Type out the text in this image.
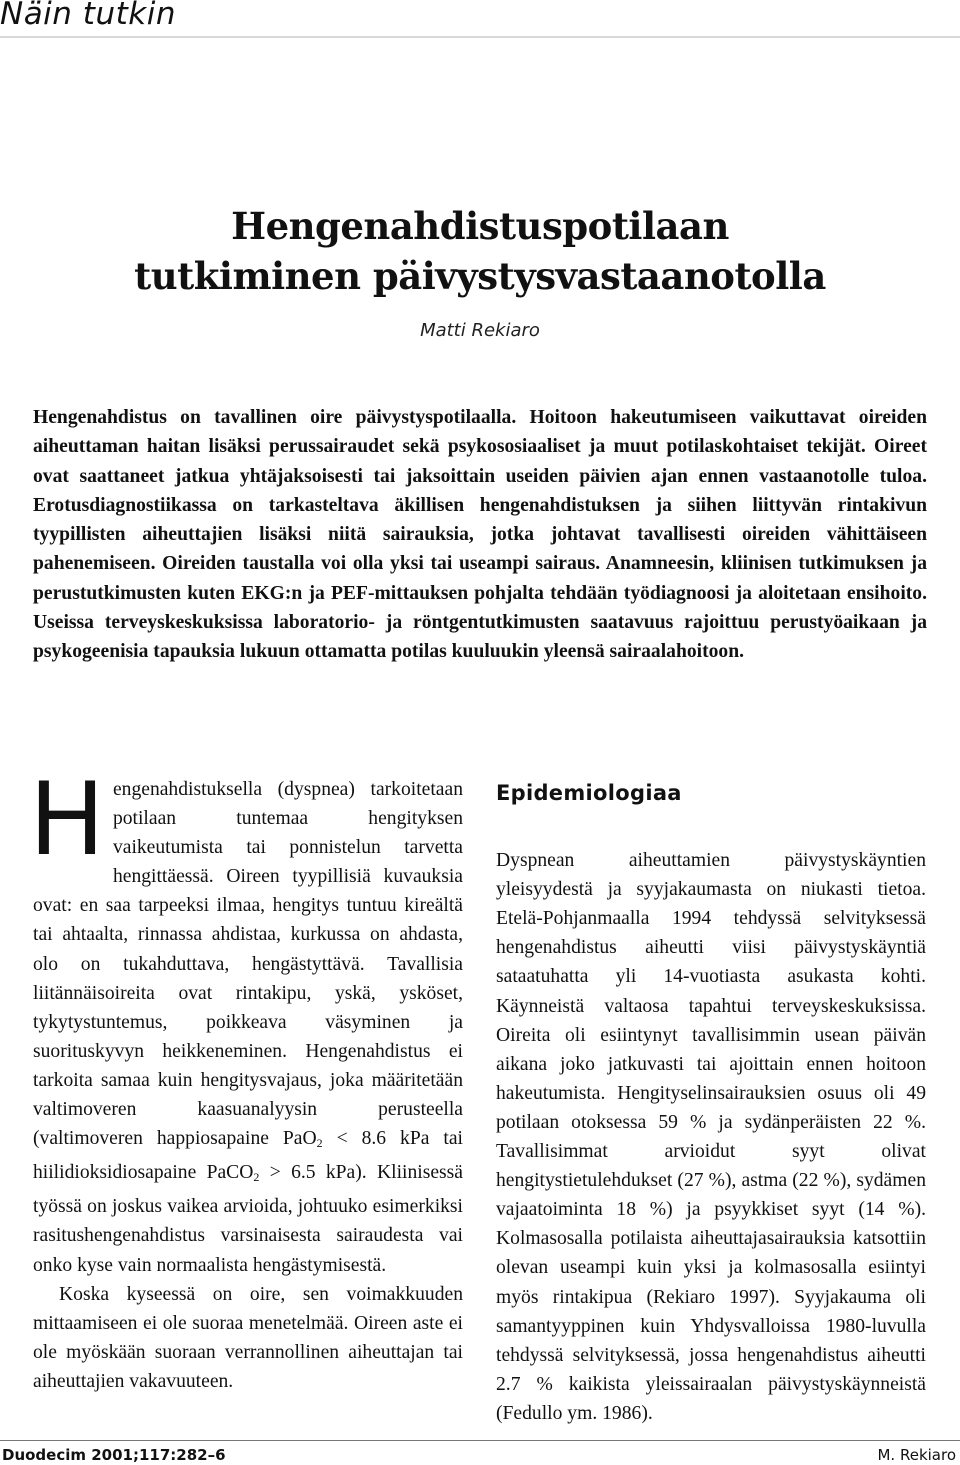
Näin tutkin
Hengenahdistuspotilaan
tutkiminen päivystysvastaanotolla
Matti Rekiaro
Hengenahdistus on tavallinen oire päivystyspotilaalla. Hoitoon hakeutumiseen vaikuttavat oireiden aiheuttaman haitan lisäksi perussairaudet sekä psykososiaaliset ja muut potilaskohtaiset tekijät. Oireet ovat saattaneet jatkua yhtäjaksoisesti tai jaksoittain useiden päivien ajan ennen vastaanotolle tuloa. Erotusdiagnostiikassa on tarkasteltava äkillisen hengenahdistuksen ja siihen liittyvän rintakivun tyypillisten aiheuttajien lisäksi niitä sairauksia, jotka johtavat tavallisesti oireiden vähittäiseen pahenemiseen. Oireiden taustalla voi olla yksi tai useampi sairaus. Anamneesin, kliinisen tutkimuksen ja perustutkimusten kuten EKG:n ja PEF-mittauksen pohjalta tehdään työdiagnoosi ja aloitetaan ensihoito. Useissa terveyskeskuksissa laboratorio- ja röntgentutkimusten saatavuus rajoittuu perustyöaikaan ja psykogeenisia tapauksia lukuun ottamatta potilas kuuluukin yleensä sairaalahoitoon.
H engenahdistuksella (dyspnea) tarkoitetaan potilaan tuntemaa hengityksen vaikeutumista tai ponnistelun tarvetta hengittäessä. Oireen tyypillisiä kuvauksia ovat: en saa tarpeeksi ilmaa, hengitys tuntuu kireältä tai ahtaalta, rinnassa ahdistaa, kurkussa on ahdasta, olo on tukahduttava, hengästyttävä. Tavallisia liitännäisoireita ovat rintakipu, yskä, ysköset, tykytystuntemus, poikkeava väsyminen ja suorituskyvyn heikkeneminen. Hengenahdistus ei tarkoita samaa kuin hengitysvajaus, joka määritetään valtimoveren kaasuanalyysin perusteella (valtimoveren happiosapaine PaO$_2$ < 8.6 kPa tai hiilidioksidiosapaine PaCO$_2$ > 6.5 kPa). Kliinisessä työssä on joskus vaikea arvioida, johtuuko esimerkiksi rasitushengenahdistus varsinaisesta sairaudesta vai onko kyse vain normaalista hengästymisestä.

Koska kyseessä on oire, sen voimakkuuden mittaamiseen ei ole suoraa menetelmää. Oireen aste ei ole myöskään suoraan verrannollinen aiheuttajan tai aiheuttajien vakavuuteen.

Epidemiologiaa

Dyspnean aiheuttamien päivystyskäyntien yleisyydestä ja syyjakaumasta on niukasti tietoa. Etelä-Pohjanmaalla 1994 tehdyssä selvityksessä hengenahdistus aiheutti viisi päivystyskäyntiä sataatuhatta yli 14-vuotiasta asukasta kohti. Käynneistä valtaosa tapahtui terveyskeskuksissa. Oireita oli esiintynyt tavallisimmin usean päivän aikana joko jatkuvasti tai ajoittain ennen hoitoon hakeutumista. Hengityselinsairauksien osuus oli 49 potilaan otoksessa 59 % ja sydänperäisten 22 %. Tavallisimmat arvioidut syyt olivat hengitystietulehdukset (27 %), astma (22 %), sydämen vajaatoiminta 18 %) ja psyykkiset syyt (14 %). Kolmasosalla potilaista aiheuttajasairauksia katsottiin olevan useampi kuin yksi ja kolmasosalla esiintyi myös rintakipua (Rekiaro 1997). Syyjakauma oli samantyyppinen kuin Yhdysvalloissa 1980-luvulla tehdyssä selvityksessä, jossa hengenahdistus aiheutti 2.7 % kaikista yleissairaalan päivystyskäynneistä (Fedullo ym. 1986).

Duodecim 2001;117:282–6	M. Rekiaro
